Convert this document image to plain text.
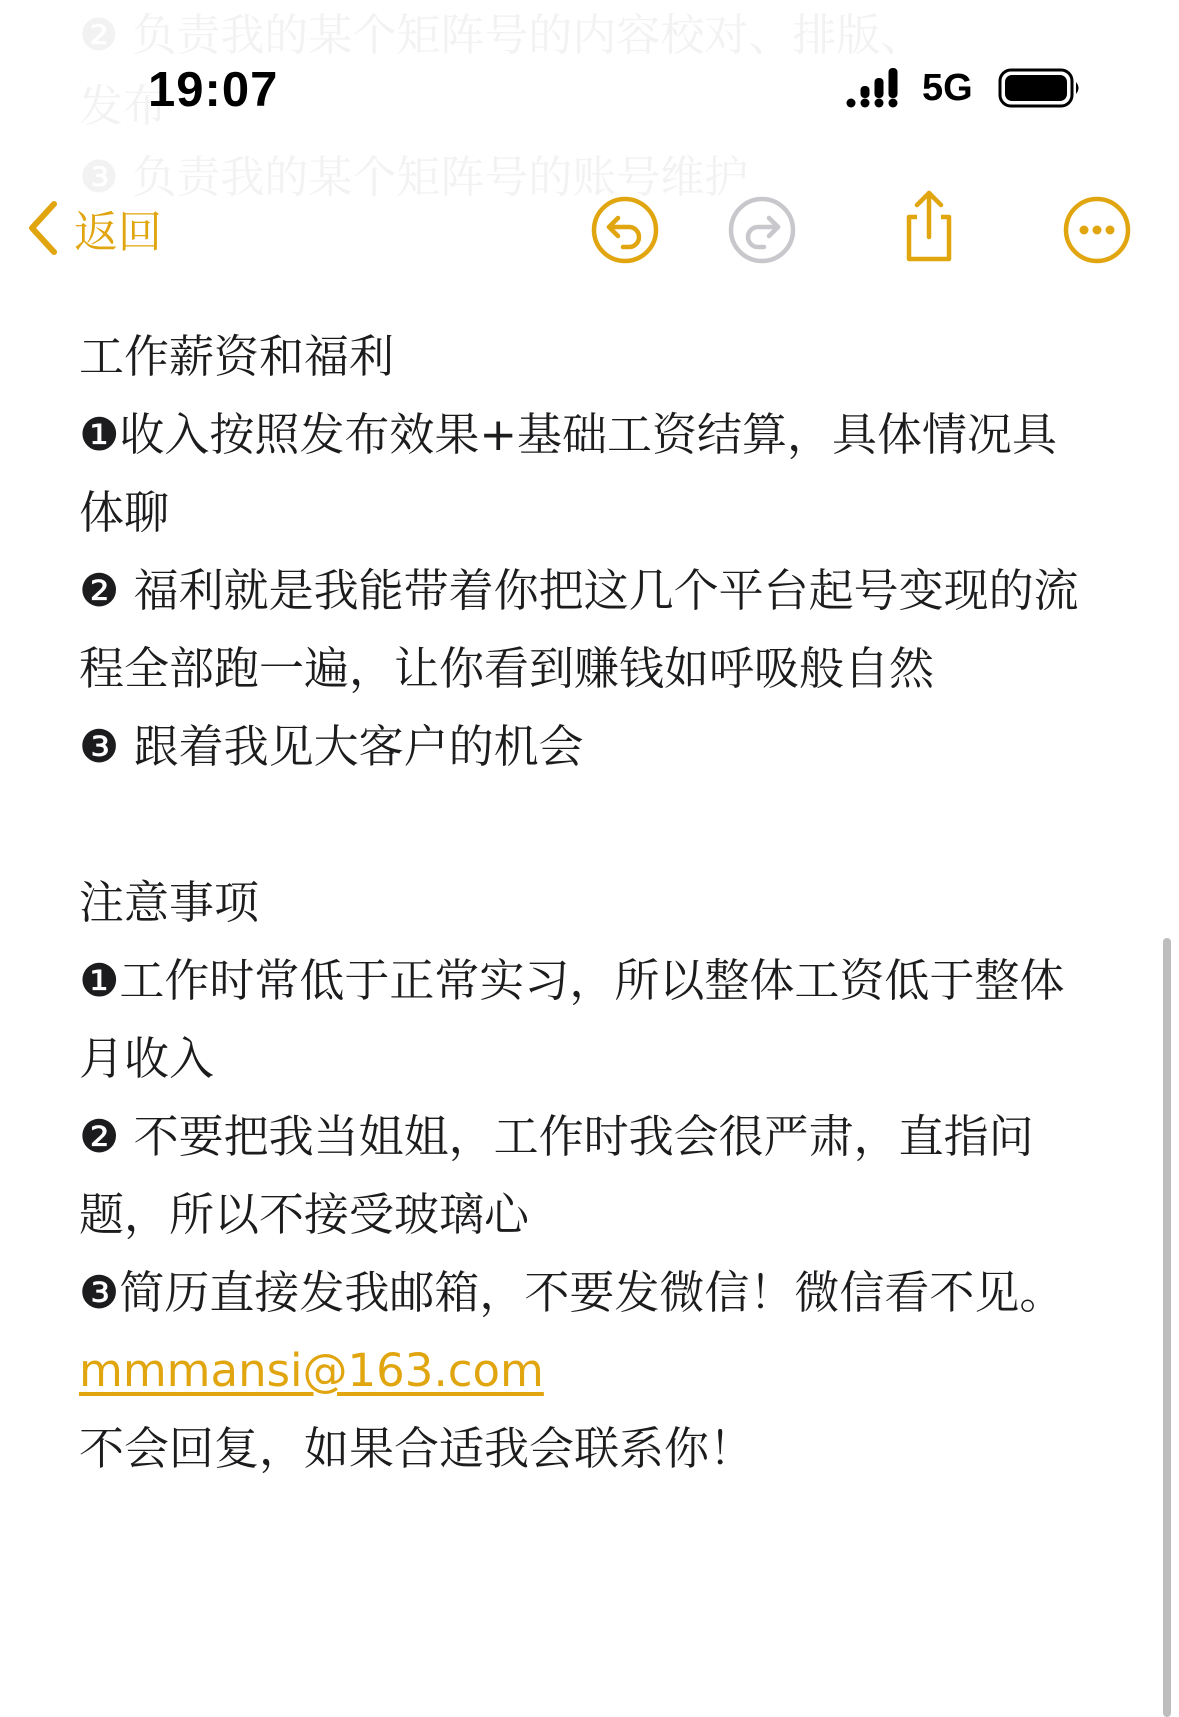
❷ 负责我的某个矩阵号的内容校对、排版、
发布
❸ 负责我的某个矩阵号的账号维护
19:07	5G
返回

工作薪资和福利

❶收入按照发布效果+基础工资结算，具体情况具体聊

❷ 福利就是我能带着你把这几个平台起号变现的流程全部跑一遍，让你看到赚钱如呼吸般自然

❸ 跟着我见大客户的机会

注意事项

❶工作时常低于正常实习，所以整体工资低于整体月收入

❷ 不要把我当姐姐，工作时我会很严肃，直指问题，所以不接受玻璃心

❸简历直接发我邮箱，不要发微信！微信看不见。

mmmansi@163.com

不会回复，如果合适我会联系你！
